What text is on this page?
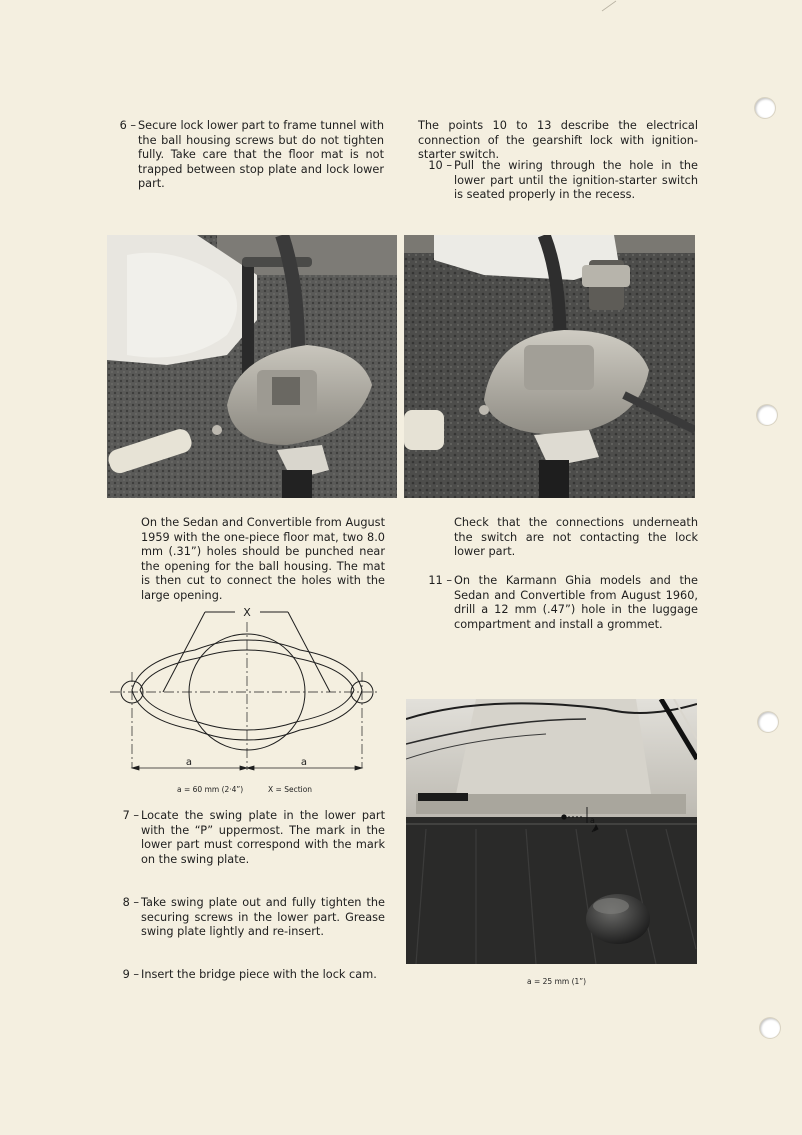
6 – Secure lock lower part to frame tunnel with the ball housing screws but do not tighten fully. Take care that the floor mat is not trapped between stop plate and lock lower part.

The points 10 to 13 describe the electrical connection of the gearshift lock with ignition-starter switch.

10 – Pull the wiring through the hole in the lower part until the ignition-starter switch is seated properly in the recess.

On the Sedan and Convertible from August 1959 with the one-piece floor mat, two 8.0 mm (.31”) holes should be punched near the opening for the ball housing. The mat is then cut to connect the holes with the large opening.

Check that the connections underneath the switch are not contacting the lock lower part.

11 – On the Karmann Ghia models and the Sedan and Convertible from August 1960, drill a 12 mm (.47”) hole in the luggage compartment and install a grommet.
X
a	a
a = 60 mm (2·4”)	X = Section
7 – Locate the swing plate in the lower part with the “P” uppermost. The mark in the lower part must correspond with the mark on the swing plate.
8 – Take swing plate out and fully tighten the securing screws in the lower part. Grease swing plate lightly and re-insert.
9 – Insert the bridge piece with the lock cam.
a
a = 25 mm (1”)
